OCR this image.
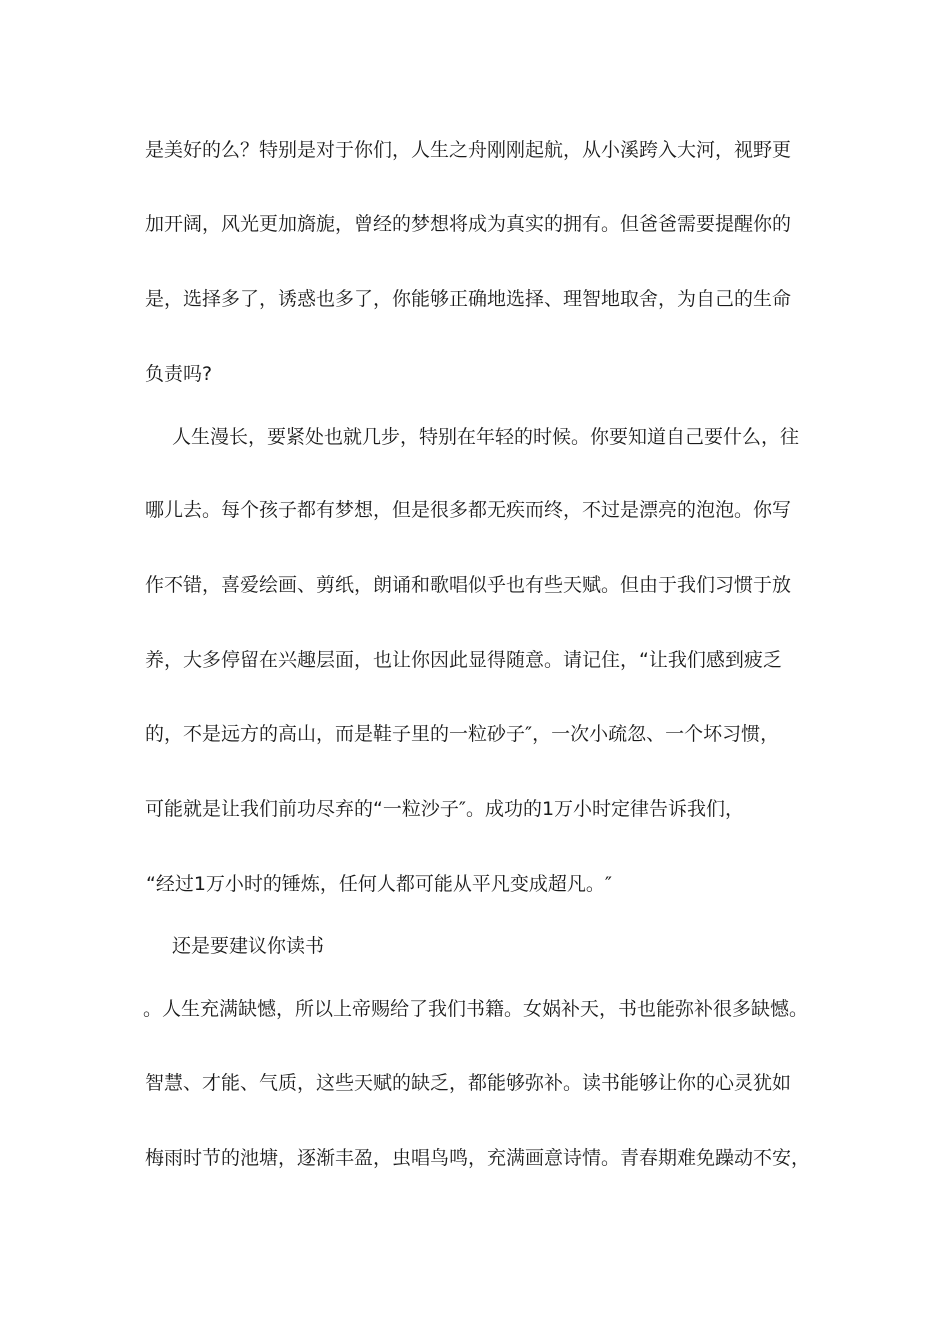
是美好的么？特别是对于你们，人生之舟刚刚起航，从小溪跨入大河，视野更
加开阔，风光更加旖旎，曾经的梦想将成为真实的拥有。但爸爸需要提醒你的
是，选择多了，诱惑也多了，你能够正确地选择、理智地取舍，为自己的生命
负责吗?
人生漫长，要紧处也就几步，特别在年轻的时候。你要知道自己要什么，往
哪儿去。每个孩子都有梦想，但是很多都无疾而终，不过是漂亮的泡泡。你写
作不错，喜爱绘画、剪纸，朗诵和歌唱似乎也有些天赋。但由于我们习惯于放
养，大多停留在兴趣层面，也让你因此显得随意。请记住，“让我们感到疲乏
的，不是远方的高山，而是鞋子里的一粒砂子″，一次小疏忽、一个坏习惯，
可能就是让我们前功尽弃的“一粒沙子″。成功的1万小时定律告诉我们，
“经过1万小时的锤炼，任何人都可能从平凡变成超凡。″
还是要建议你读书
。人生充满缺憾，所以上帝赐给了我们书籍。女娲补天，书也能弥补很多缺憾。
智慧、才能、气质，这些天赋的缺乏，都能够弥补。读书能够让你的心灵犹如
梅雨时节的池塘，逐渐丰盈，虫唱鸟鸣，充满画意诗情。青春期难免躁动不安，
